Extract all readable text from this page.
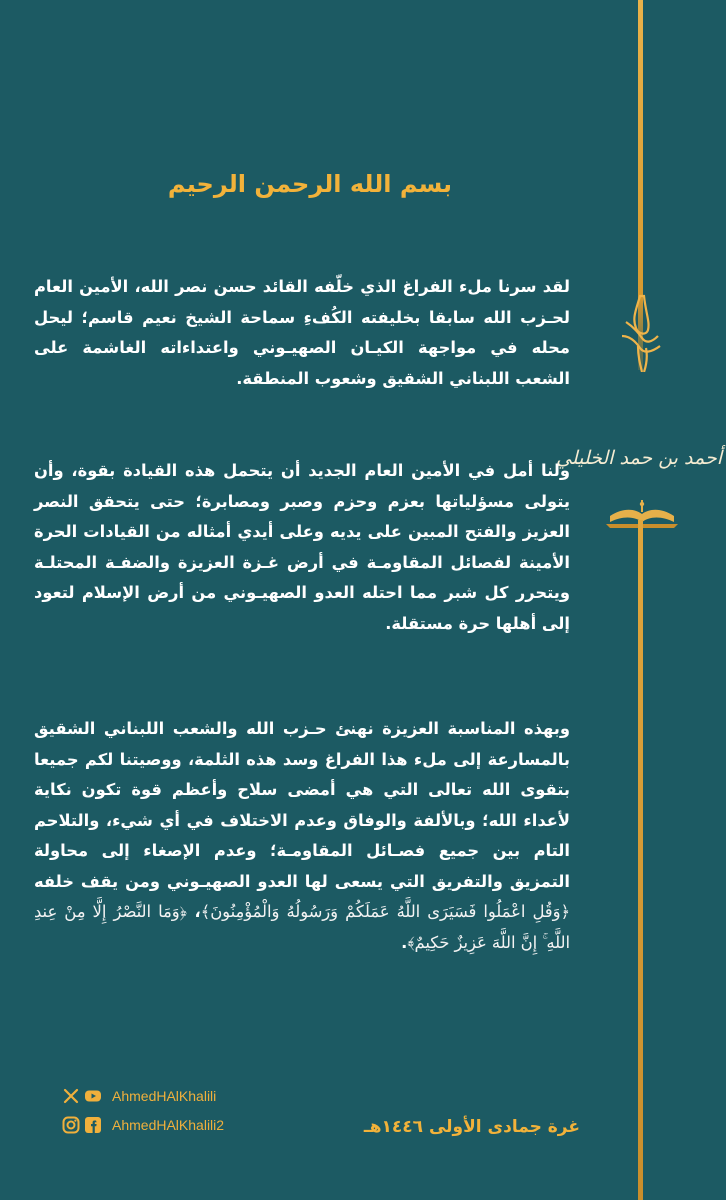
أحمد بن حمد الخليلي
بسم الله الرحمن الرحيم

لقد سرنا ملء الفراغ الذي خلّفه القائد حسن نصر الله، الأمين العام لحـزب الله سابقا بخليفته الكُفءِ سماحة الشيخ نعيم قاسم؛ ليحل محله في مواجهة الكيـان الصهيـوني واعتداءاته الغاشمة على الشعب اللبناني الشقيق وشعوب المنطقة.

ولنا أمل في الأمين العام الجديد أن يتحمل هذه القيادة بقوة، وأن يتولى مسؤلياتها بعزم وحزم وصبر ومصابرة؛ حتى يتحقق النصر العزيز والفتح المبين على يديه وعلى أيدي أمثاله من القيادات الحرة الأمينة لفصائل المقاومـة في أرض غـزة العزيزة والضفـة المحتلـة ويتحرر كل شبر مما احتله العدو الصهيـوني من أرض الإسلام لتعود إلى أهلها حرة مستقلة.

وبهذه المناسبة العزيزة نهنئ حـزب الله والشعب اللبناني الشقيق بالمسارعة إلى ملء هذا الفراغ وسد هذه الثلمة، ووصيتنا لكم جميعا بتقوى الله تعالى التي هي أمضى سلاح وأعظم قوة تكون نكاية لأعداء الله؛ وبالألفة والوفاق وعدم الاختلاف في أي شيء، والتلاحم التام بين جميع فصـائل المقاومـة؛ وعدم الإصغاء إلى محاولة التمزيق والتفريق التي يسعى لها العدو الصهيـوني ومن يقف خلفه ﴿وَقُلِ اعْمَلُوا فَسَيَرَى اللَّهُ عَمَلَكُمْ وَرَسُولُهُ وَالْمُؤْمِنُونَ﴾، ﴿وَمَا النَّصْرُ إِلَّا مِنْ عِندِ اللَّهِ ۚ إِنَّ اللَّهَ عَزِيزٌ حَكِيمٌ﴾.

AhmedHAlKhalili
AhmedHAlKhalili2	غرة جمادى الأولى ١٤٤٦هـ
